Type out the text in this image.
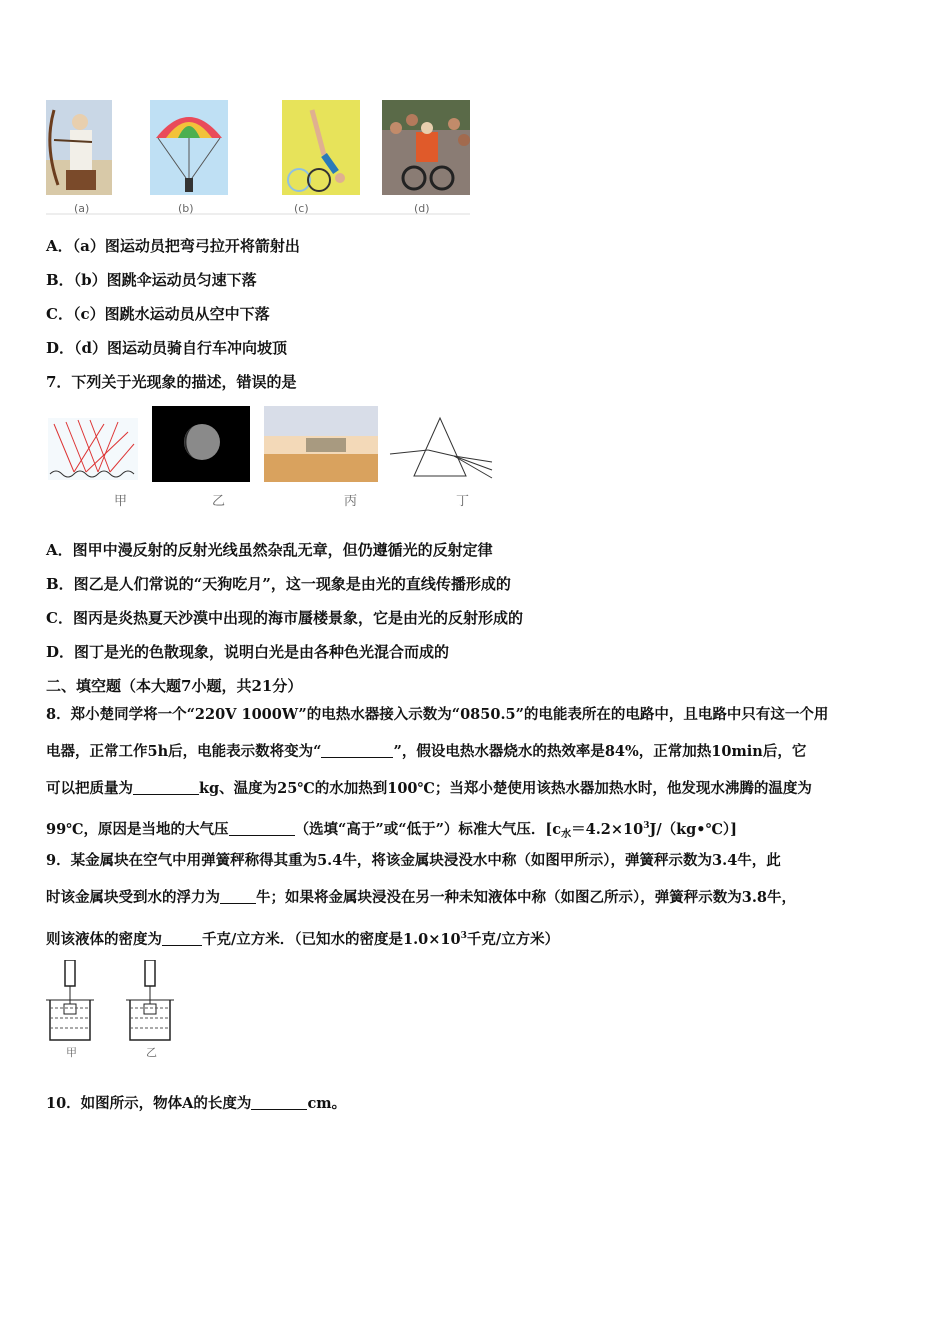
(a)	(b)	(c)	(d)
A．（a）图运动员把弯弓拉开将箭射出
B．（b）图跳伞运动员匀速下落
C．（c）图跳水运动员从空中下落
D．（d）图运动员骑自行车冲向坡顶
7．下列关于光现象的描述，错误的是
甲	乙	丙	丁
A．图甲中漫反射的反射光线虽然杂乱无章，但仍遵循光的反射定律
B．图乙是人们常说的“天狗吃月”，这一现象是由光的直线传播形成的
C．图丙是炎热夏天沙漠中出现的海市蜃楼景象，它是由光的反射形成的
D．图丁是光的色散现象，说明白光是由各种色光混合而成的
二、填空题（本大题7小题，共21分）
8．郑小楚同学将一个“220V 1000W”的电热水器接入示数为“0850.5”的电能表所在的电路中，且电路中只有这一个用
电器，正常工作5h后，电能表示数将变为“	”，假设电热水器烧水的热效率是84%，正常加热10min后，它
可以把质量为	kg、温度为25℃的水加热到100℃；当郑小楚使用该热水器加热水时，他发现水沸腾的温度为
99℃，原因是当地的大气压	（选填“高于”或“低于”）标准大气压．$[c_水=4.2\times 10^3J/(kg•℃)]$
9．某金属块在空气中用弹簧秤称得其重为5.4牛，将该金属块浸没水中称（如图甲所示），弹簧秤示数为3.4牛，此
时该金属块受到水的浮力为 牛；如果将金属块浸没在另一种未知液体中称（如图乙所示），弹簧秤示数为3.8牛，
则该液体的密度为	千克/立方米．（已知水的密度是$1.0\times 10^3$千克/立方米）
甲	乙
10．如图所示，物体A的长度为	cm。
